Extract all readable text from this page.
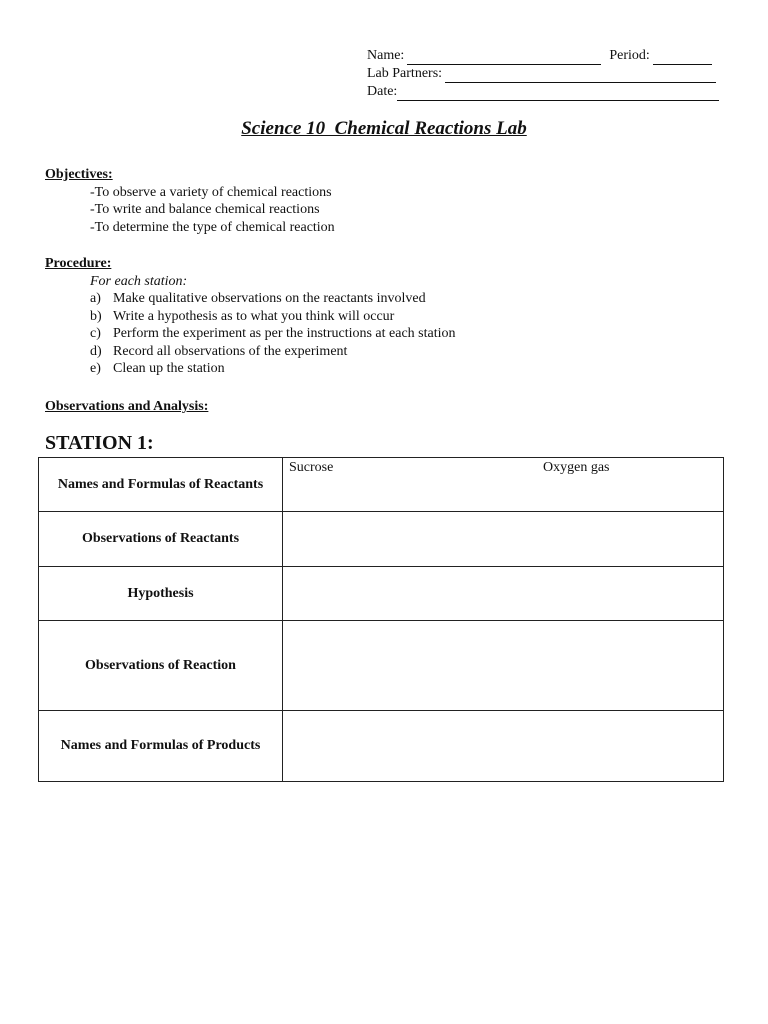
Name:	Period:
Lab Partners:
Date:
Science 10  Chemical Reactions Lab
Objectives:
-To observe a variety of chemical reactions
-To write and balance chemical reactions
-To determine the type of chemical reaction
Procedure:
For each station:
a) Make qualitative observations on the reactants involved
b) Write a hypothesis as to what you think will occur
c) Perform the experiment as per the instructions at each station
d) Record all observations of the experiment
e) Clean up the station
Observations and Analysis:
STATION 1:
Names and Formulas of Reactants	Sucrose Oxygen gas

Observations of Reactants	
Hypothesis	
Observations of Reaction	
Names and Formulas of Products	
